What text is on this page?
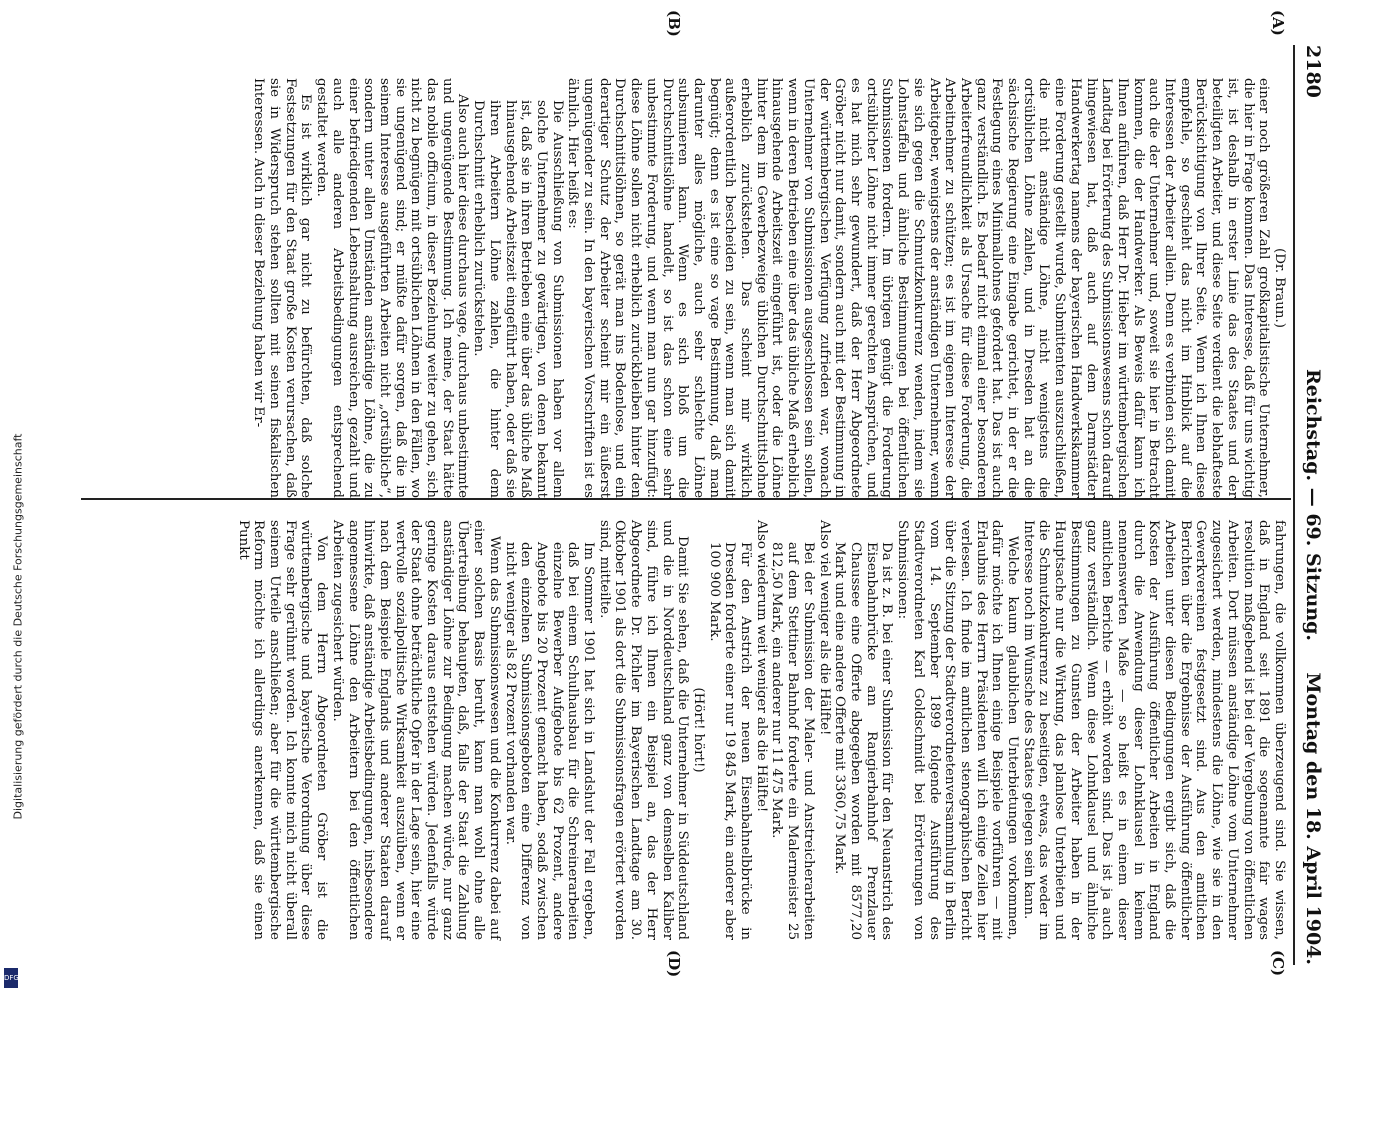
2180
Reichstag. — 69. Sitzung.
Montag den 18. April 1904.
(A)
(B)
(C)
(D)

(Dr. Braun.)

einer noch größeren Zahl großkapitalistische Unternehmer, die hier in Frage kommen. Das Interesse, daß für uns wichtig ist, ist deshalb in erster Linie das des Staates und der beteiligten Arbeiter, und diese Seite verdient die lebhafteste Berücksichtigung von Ihrer Seite. Wenn ich Ihnen diese empfehle, so geschieht das nicht im Hinblick auf die Interessen der Arbeiter allein. Denn es verbinden sich damit auch die der Unternehmer und, soweit sie hier in Betracht kommen, die der Handwerker. Als Beweis dafür kann ich Ihnen anführen, daß Herr Dr. Hieber im württembergischen Landtag bei Erörterung des Submissionswesens schon darauf hingewiesen hat, daß auch auf dem Darmstädter Handwerkertag namens der bayerischen Handwerkskammer eine Forderung gestellt wurde, Submittenten auszuschließen, die nicht anständige Löhne, nicht wenigstens die ortsüblichen Löhne zahlen, und in Dresden hat an die sächsische Regierung eine Eingabe gerichtet, in der er die Festlegung eines Minimallohnes gefordert hat. Das ist auch ganz verständlich. Es bedarf nicht einmal einer besonderen Arbeiterfreundlichkeit als Ursache für diese Forderung, die Arbeitnehmer zu schützen; es ist im eigenen Interesse der Arbeitgeber, wenigstens der anständigen Unternehmer, wenn sie sich gegen die Schmutzkonkurrenz wenden, indem sie Lohnstaffeln und ähnliche Bestimmungen bei öffentlichen Submissionen fordern. Im übrigen genügt die Forderung ortsüblicher Löhne nicht immer gerechten Ansprüchen, und es hat mich sehr gewundert, daß der Herr Abgeordnete Gröber nicht nur damit, sondern auch mit der Bestimmung in der württembergischen Verfügung zufrieden war, wonach Unternehmer von Submissionen ausgeschlossen sein sollen, wenn in deren Betrieben eine über das übliche Maß erheblich hinausgehende Arbeitszeit eingeführt ist, oder die Löhne hinter dem im Gewerbezweige üblichen Durchschnittslohne erheblich zurückstehen. Das scheint mir wirklich außerordentlich bescheiden zu sein, wenn man sich damit begnügt; denn es ist eine so vage Bestimmung, daß man darunter alles mögliche, auch sehr schlechte Löhne subsumieren kann. Wenn es sich bloß um die Durchschnittslöhne handelt, so ist das schon eine sehr unbestimmte Forderung, und wenn man nun gar hinzufügt: diese Löhne sollen nicht erheblich zurückbleiben hinter den Durchschnittslöhnen, so gerät man ins Bodenlose, und ein derartiger Schutz der Arbeiter scheint mir ein äußerst ungenügender zu sein. In den bayerischen Vorschriften ist es ähnlich. Hier heißt es:

Die Ausschließung von Submissionen haben vor allem solche Unternehmer zu gewärtigen, von denen bekannt ist, daß sie in ihren Betrieben eine über das übliche Maß hinausgehende Arbeitszeit eingeführt haben, oder daß sie ihren Arbeitern Löhne zahlen, die hinter dem Durchschnitt erheblich zurückstehen.

Also auch hier diese durchaus vage, durchaus unbestimmte und ungenügende Bestimmung. Ich meine, der Staat hätte das nobile officium, in dieser Beziehung weiter zu gehen, sich nicht zu begnügen mit ortsüblichen Löhnen in den Fällen, wo sie ungenügend sind; er müßte dafür sorgen, daß die in seinem Interesse ausgeführten Arbeiten nicht „ortsübliche“, sondern unter allen Umständen anständige Löhne, die zu einer befriedigenden Lebenshaltung ausreichen, gezahlt und auch alle anderen Arbeitsbedingungen entsprechend gestaltet werden.

Es ist wirklich gar nicht zu befürchten, daß solche Festsetzungen für den Staat große Kosten verursachen, daß sie in Widerspruch stehen sollten mit seinen fiskalischen Interessen. Auch in dieser Beziehung haben wir Er-

fahrungen, die vollkommen überzeugend sind. Sie wissen, daß in England seit 1891 die sogenannte fair wages resolution maßgebend ist bei der Vergebung von öffentlichen Arbeiten. Dort müssen anständige Löhne vom Unternehmer zugesichert werden, mindestens die Löhne, wie sie in den Gewerkvereinen festgesetzt sind. Aus den amtlichen Berichten über die Ergebnisse der Ausführung öffentlicher Arbeiten unter diesen Bedingungen ergibt sich, daß die Kosten der Ausführung öffentlicher Arbeiten in England durch die Anwendung dieser Lohnklausel in keinem nennenswerten Maße — so heißt es in einem dieser amtlichen Berichte — erhöht worden sind. Das ist ja auch ganz verständlich. Wenn diese Lohnklausel und ähnliche Bestimmungen zu Gunsten der Arbeiter haben in der Hauptsache nur die Wirkung, das planlose Unterbieten und die Schmutzkonkurrenz zu beseitigen, etwas, das weder im Interesse noch im Wunsche des Staates gelegen sein kann.

Welche kaum glaublichen Unterbietungen vorkommen, dafür möchte ich Ihnen einige Beispiele vorführen — mit Erlaubnis des Herrn Präsidenten will ich einige Zeilen hier verlesen. Ich finde im amtlichen stenographischen Bericht über die Sitzung der Stadtverordnetenversammlung in Berlin vom 14. September 1899 folgende Ausführung des Stadtverordneten Karl Goldschmidt bei Erörterungen von Submissionen:

Da ist z. B. bei einer Submission für den Neuanstrich des Eisenbahnbrücke am Rangierbahnhof Prenzlauer Chaussee eine Offerte abgegeben worden mit 8577,20 Mark und eine andere Offerte mit 3360,75 Mark.

Also viel weniger als die Hälfte!

Bei der Submission der Maler- und Anstreicherarbeiten auf dem Stettiner Bahnhof forderte ein Malermeister 25 812,50 Mark, ein anderer nur 11 475 Mark.

Also wiederum weit weniger als die Hälfte!

Für den Anstrich der neuen Eisenbahnelbbrücke in Dresden forderte einer nur 19 845 Mark, ein anderer aber 100 900 Mark.

(Hört! hört!)

Damit Sie sehen, daß die Unternehmer in Süddeutschland und die in Norddeutschland ganz von demselben Kaliber sind, führe ich Ihnen ein Beispiel an, das der Herr Abgeordnete Dr. Pichler im Bayerischen Landtage am 30. Oktober 1901 als dort die Submissionsfragen erörtert worden sind, mitteilte.

Im Sommer 1901 hat sich in Landshut der Fall ergeben, daß bei einem Schulhausbau für die Schreinerarbeiten einzelne Bewerber Aufgebote bis 62 Prozent, andere Angebote bis 20 Prozent gemacht haben, sodaß zwischen den einzelnen Submissionsgeboten eine Differenz von nicht weniger als 82 Prozent vorhanden war.

Wenn das Submissionswesen und die Konkurrenz dabei auf einer solchen Basis beruht, kann man wohl ohne alle Übertreibung behaupten, daß, falls der Staat die Zahlung anständiger Löhne zur Bedingung machen würde, nur ganz geringe Kosten daraus entstehen würden. Jedenfalls würde der Staat ohne beträchtliche Opfer in der Lage sein, hier eine wertvolle sozialpolitische Wirksamkeit auszuüben, wenn er nach dem Beispiele Englands und anderer Staaten darauf hinwirkte, daß anständige Arbeitsbedingungen, insbesondere angemessene Löhne den Arbeitern bei den öffentlichen Arbeiten zugesichert würden.

Von dem Herrn Abgeordneten Gröber ist die württembergische und bayerische Verordnung über diese Frage sehr gerühmt worden. Ich konnte mich nicht überall seinem Urteile anschließen; aber für die württembergische Reform möchte ich allerdings anerkennen, daß sie einen Punkt

Digitalisierung gefördert durch die Deutsche Forschungsgemeinschaft
DFG
